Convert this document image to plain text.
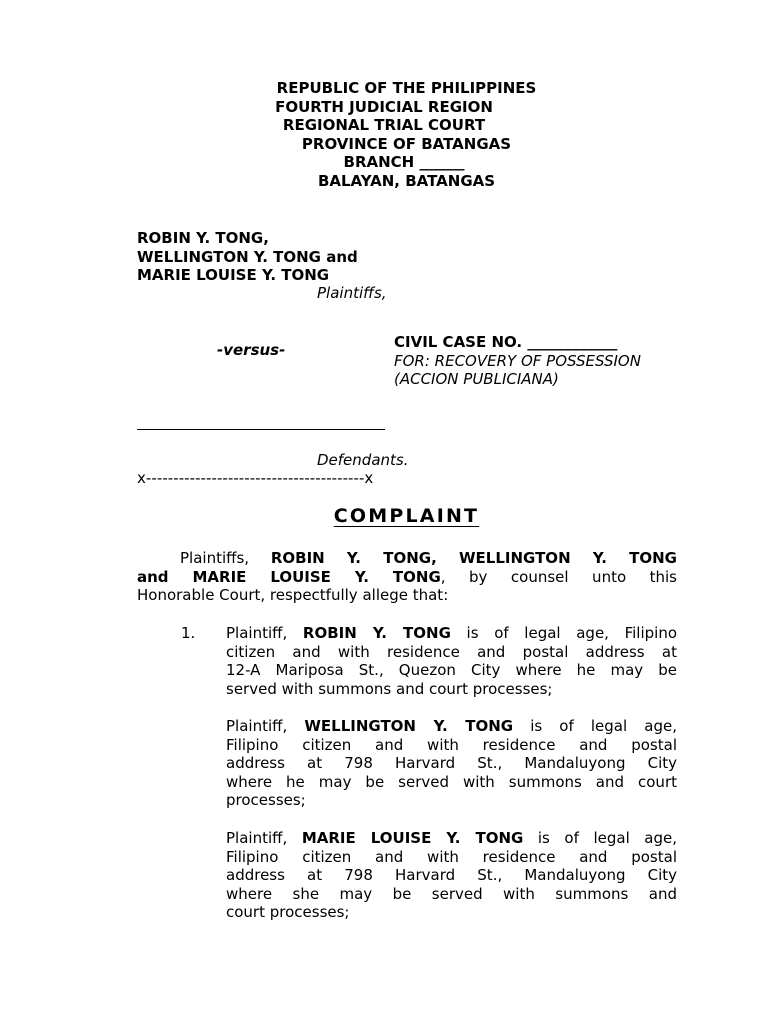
REPUBLIC OF THE PHILIPPINES
FOURTH JUDICIAL REGION
REGIONAL TRIAL COURT
PROVINCE OF BATANGAS
BRANCH ______
BALAYAN, BATANGAS
ROBIN Y. TONG,
WELLINGTON Y. TONG and
MARIE LOUISE Y. TONG
Plaintiffs,
-versus-	CIVIL CASE NO. ____________
FOR: RECOVERY OF POSSESSION
(ACCION PUBLICIANA)
Defendants.
x----------------------------------------x
COMPLAINT
Plaintiffs, ROBIN Y. TONG, WELLINGTON Y. TONG
and MARIE LOUISE Y. TONG, by counsel unto this
Honorable Court, respectfully allege that:
1. Plaintiff, ROBIN Y. TONG is of legal age, Filipino
citizen and with residence and postal address at
12-A Mariposa St., Quezon City where he may be
served with summons and court processes;
Plaintiff, WELLINGTON Y. TONG is of legal age,
Filipino citizen and with residence and postal
address at 798 Harvard St., Mandaluyong City
where he may be served with summons and court
processes;
Plaintiff, MARIE LOUISE Y. TONG is of legal age,
Filipino citizen and with residence and postal
address at 798 Harvard St., Mandaluyong City
where she may be served with summons and
court processes;
